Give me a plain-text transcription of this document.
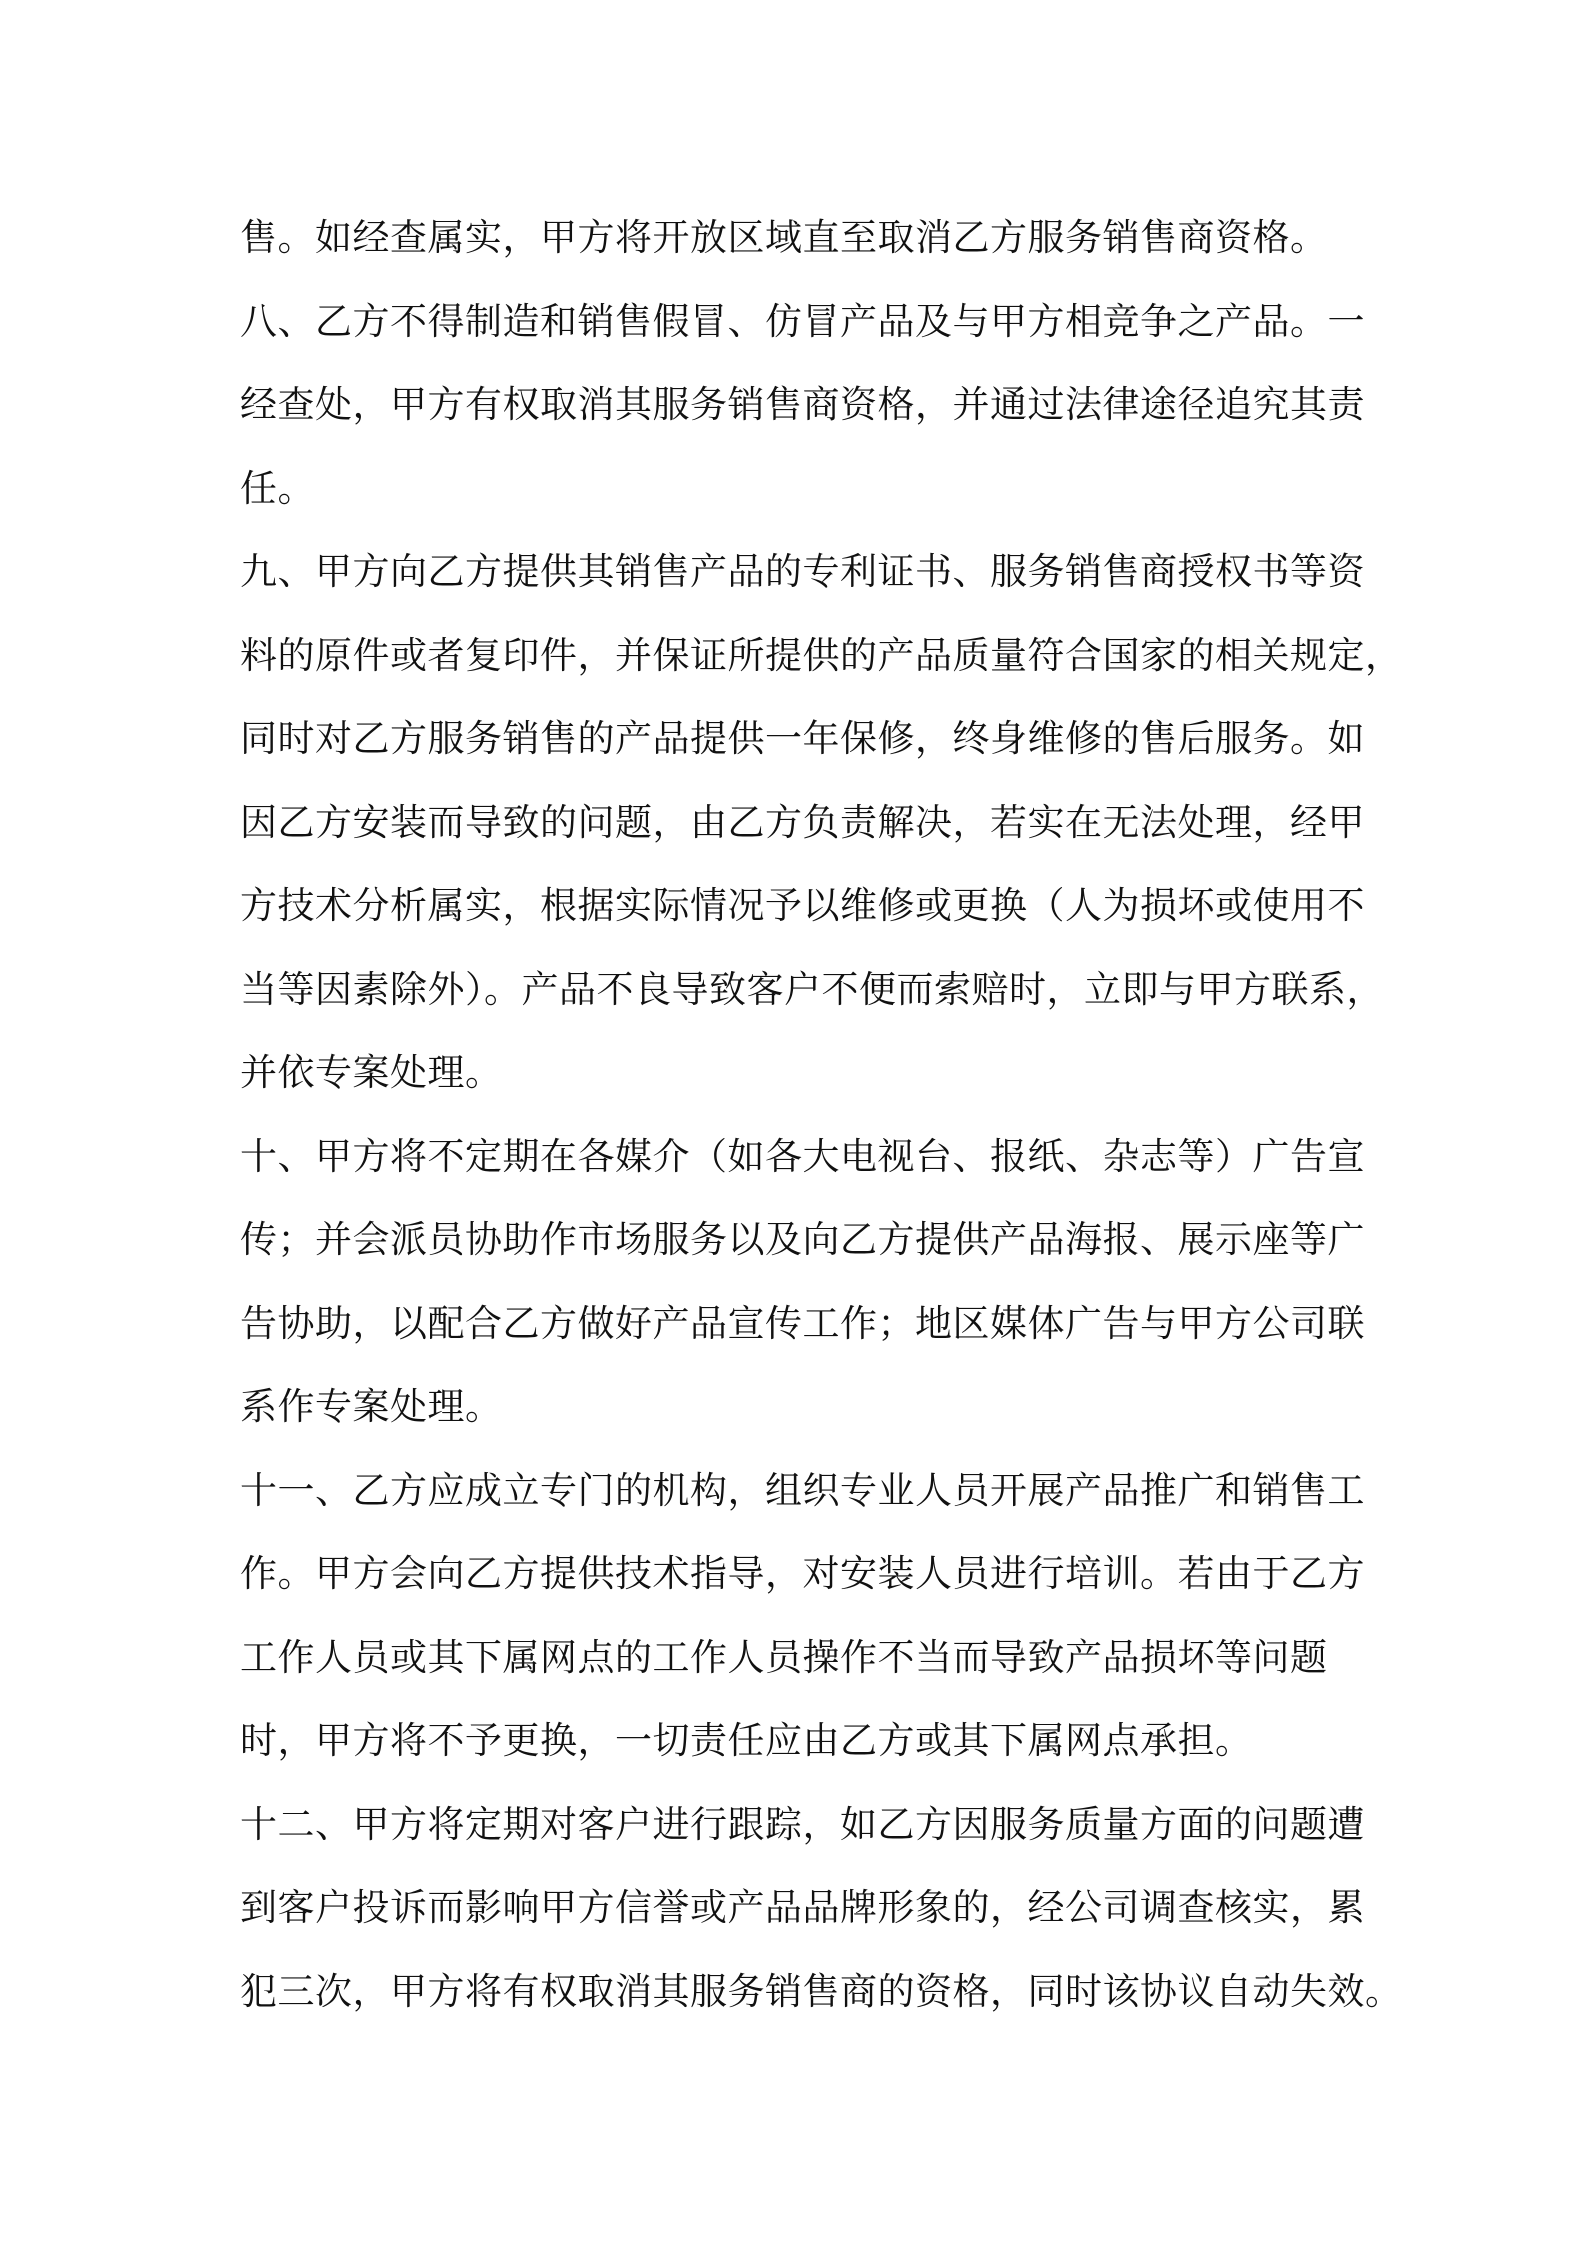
售。如经查属实，甲方将开放区域直至取消乙方服务销售商资格。
八、乙方不得制造和销售假冒、仿冒产品及与甲方相竞争之产品。一
经查处，甲方有权取消其服务销售商资格，并通过法律途径追究其责
任。
九、甲方向乙方提供其销售产品的专利证书、服务销售商授权书等资
料的原件或者复印件，并保证所提供的产品质量符合国家的相关规定，
同时对乙方服务销售的产品提供一年保修，终身维修的售后服务。如
因乙方安装而导致的问题，由乙方负责解决，若实在无法处理，经甲
方技术分析属实，根据实际情况予以维修或更换（人为损坏或使用不
当等因素除外）。产品不良导致客户不便而索赔时，立即与甲方联系，
并依专案处理。
十、甲方将不定期在各媒介（如各大电视台、报纸、杂志等）广告宣
传；并会派员协助作市场服务以及向乙方提供产品海报、展示座等广
告协助，以配合乙方做好产品宣传工作；地区媒体广告与甲方公司联
系作专案处理。
十一、乙方应成立专门的机构，组织专业人员开展产品推广和销售工
作。甲方会向乙方提供技术指导，对安装人员进行培训。若由于乙方
工作人员或其下属网点的工作人员操作不当而导致产品损坏等问题
时，甲方将不予更换，一切责任应由乙方或其下属网点承担。
十二、甲方将定期对客户进行跟踪，如乙方因服务质量方面的问题遭
到客户投诉而影响甲方信誉或产品品牌形象的，经公司调查核实，累
犯三次，甲方将有权取消其服务销售商的资格，同时该协议自动失效。
